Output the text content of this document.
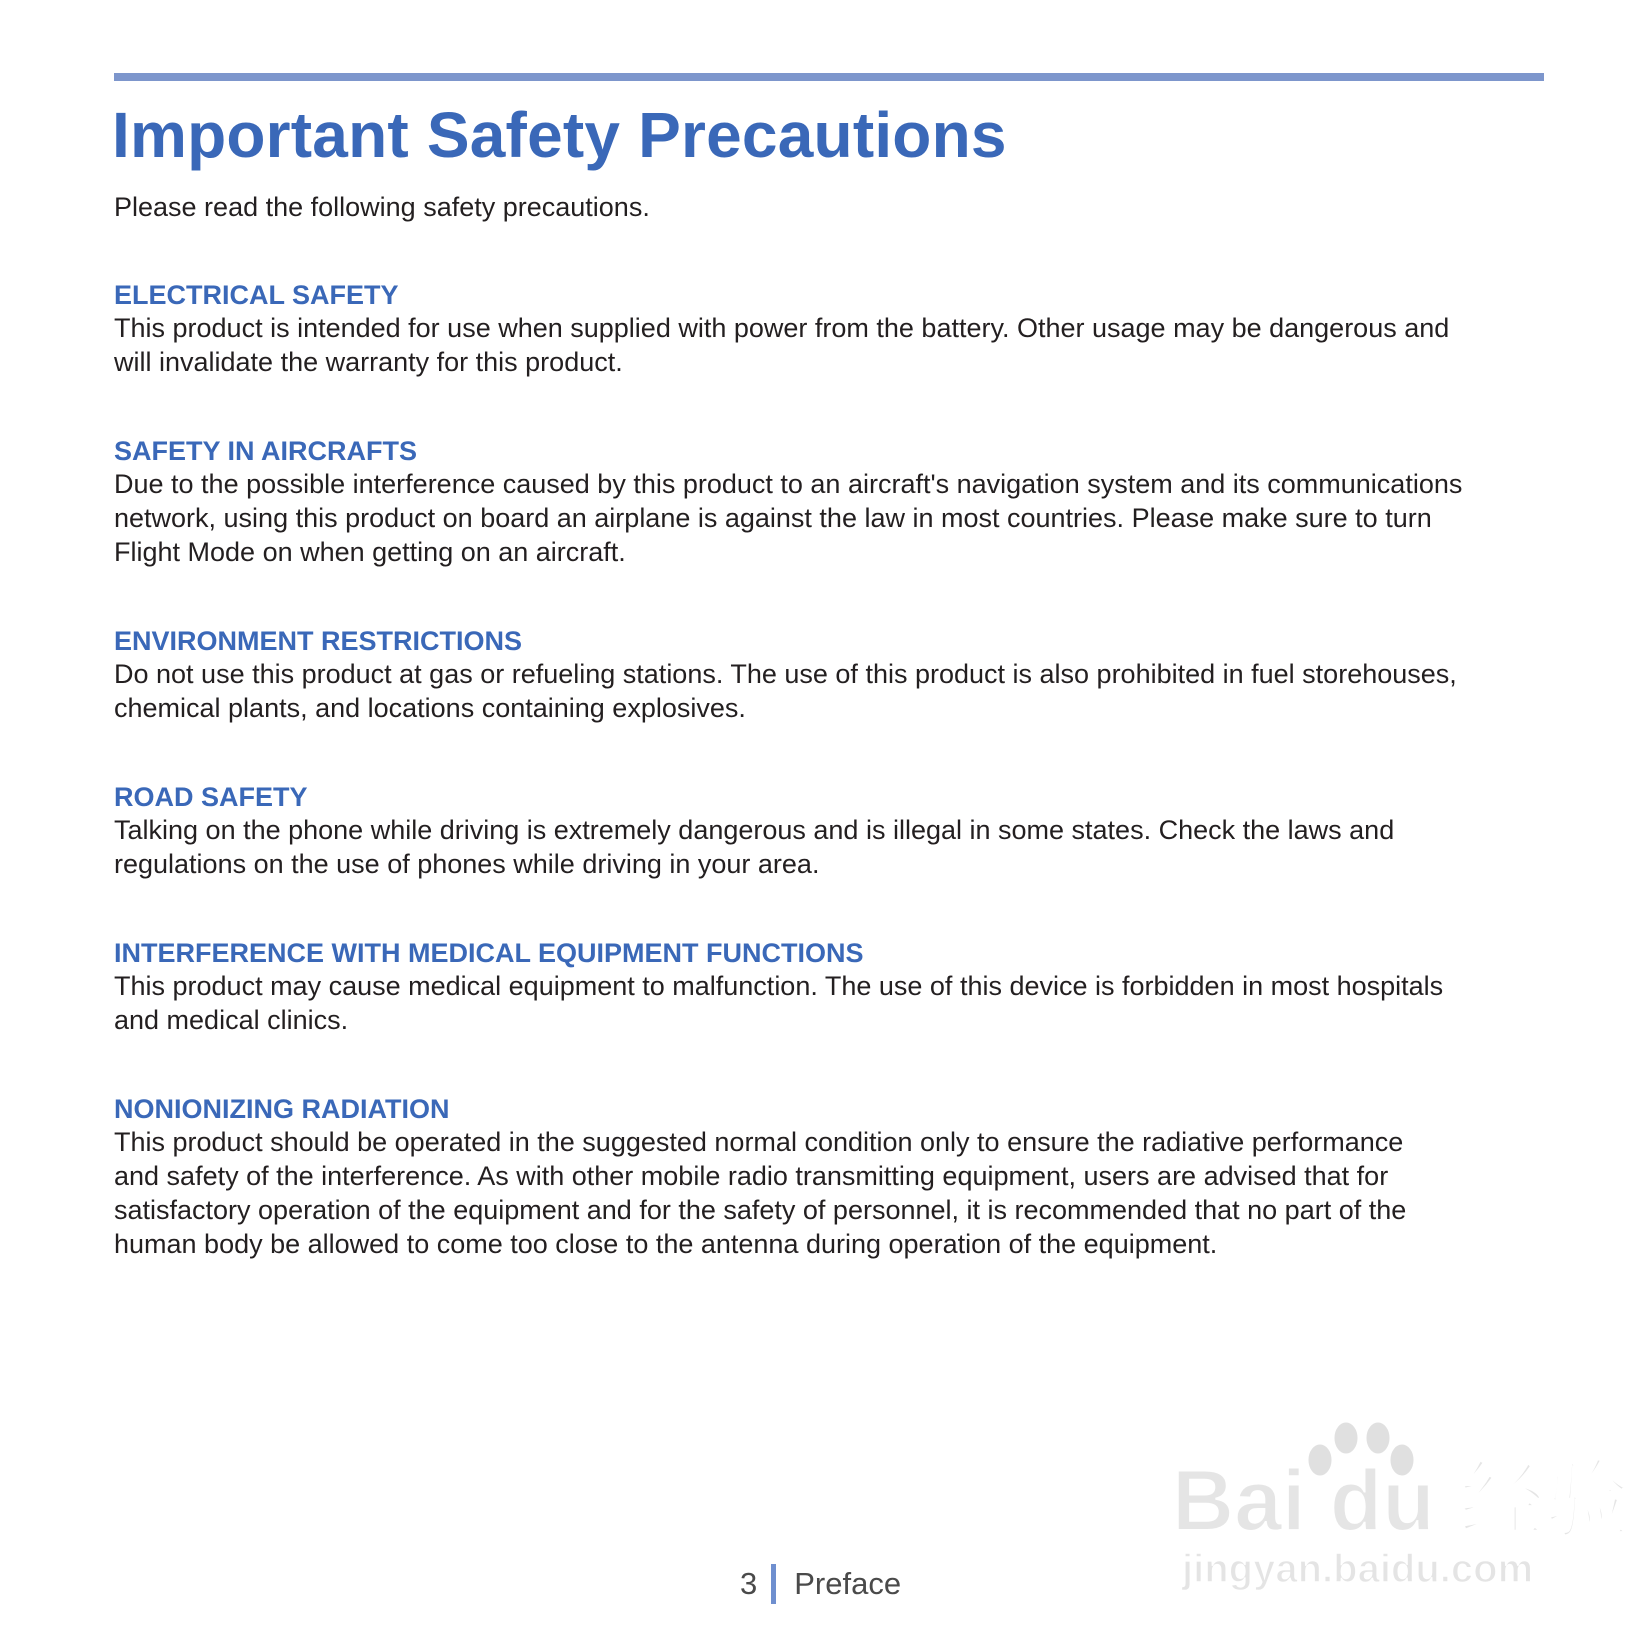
Important Safety Precautions

Please read the following safety precautions.

ELECTRICAL SAFETY

This product is intended for use when supplied with power from the battery. Other usage may be dangerous and
will invalidate the warranty for this product.

SAFETY IN AIRCRAFTS

Due to the possible interference caused by this product to an aircraft's navigation system and its communications
network, using this product on board an airplane is against the law in most countries. Please make sure to turn
Flight Mode on when getting on an aircraft.

ENVIRONMENT RESTRICTIONS

Do not use this product at gas or refueling stations. The use of this product is also prohibited in fuel storehouses,
chemical plants, and locations containing explosives.

ROAD SAFETY

Talking on the phone while driving is extremely dangerous and is illegal in some states. Check the laws and
regulations on the use of phones while driving in your area.

INTERFERENCE WITH MEDICAL EQUIPMENT FUNCTIONS

This product may cause medical equipment to malfunction. The use of this device is forbidden in most hospitals
and medical clinics.

NONIONIZING RADIATION

This product should be operated in the suggested normal condition only to ensure the radiative performance
and safety of the interference. As with other mobile radio transmitting equipment, users are advised that for
satisfactory operation of the equipment and for the safety of personnel, it is recommended that no part of the
human body be allowed to come too close to the antenna during operation of the equipment.

Bai du 经验
jingyan.baidu.com
3 Preface
